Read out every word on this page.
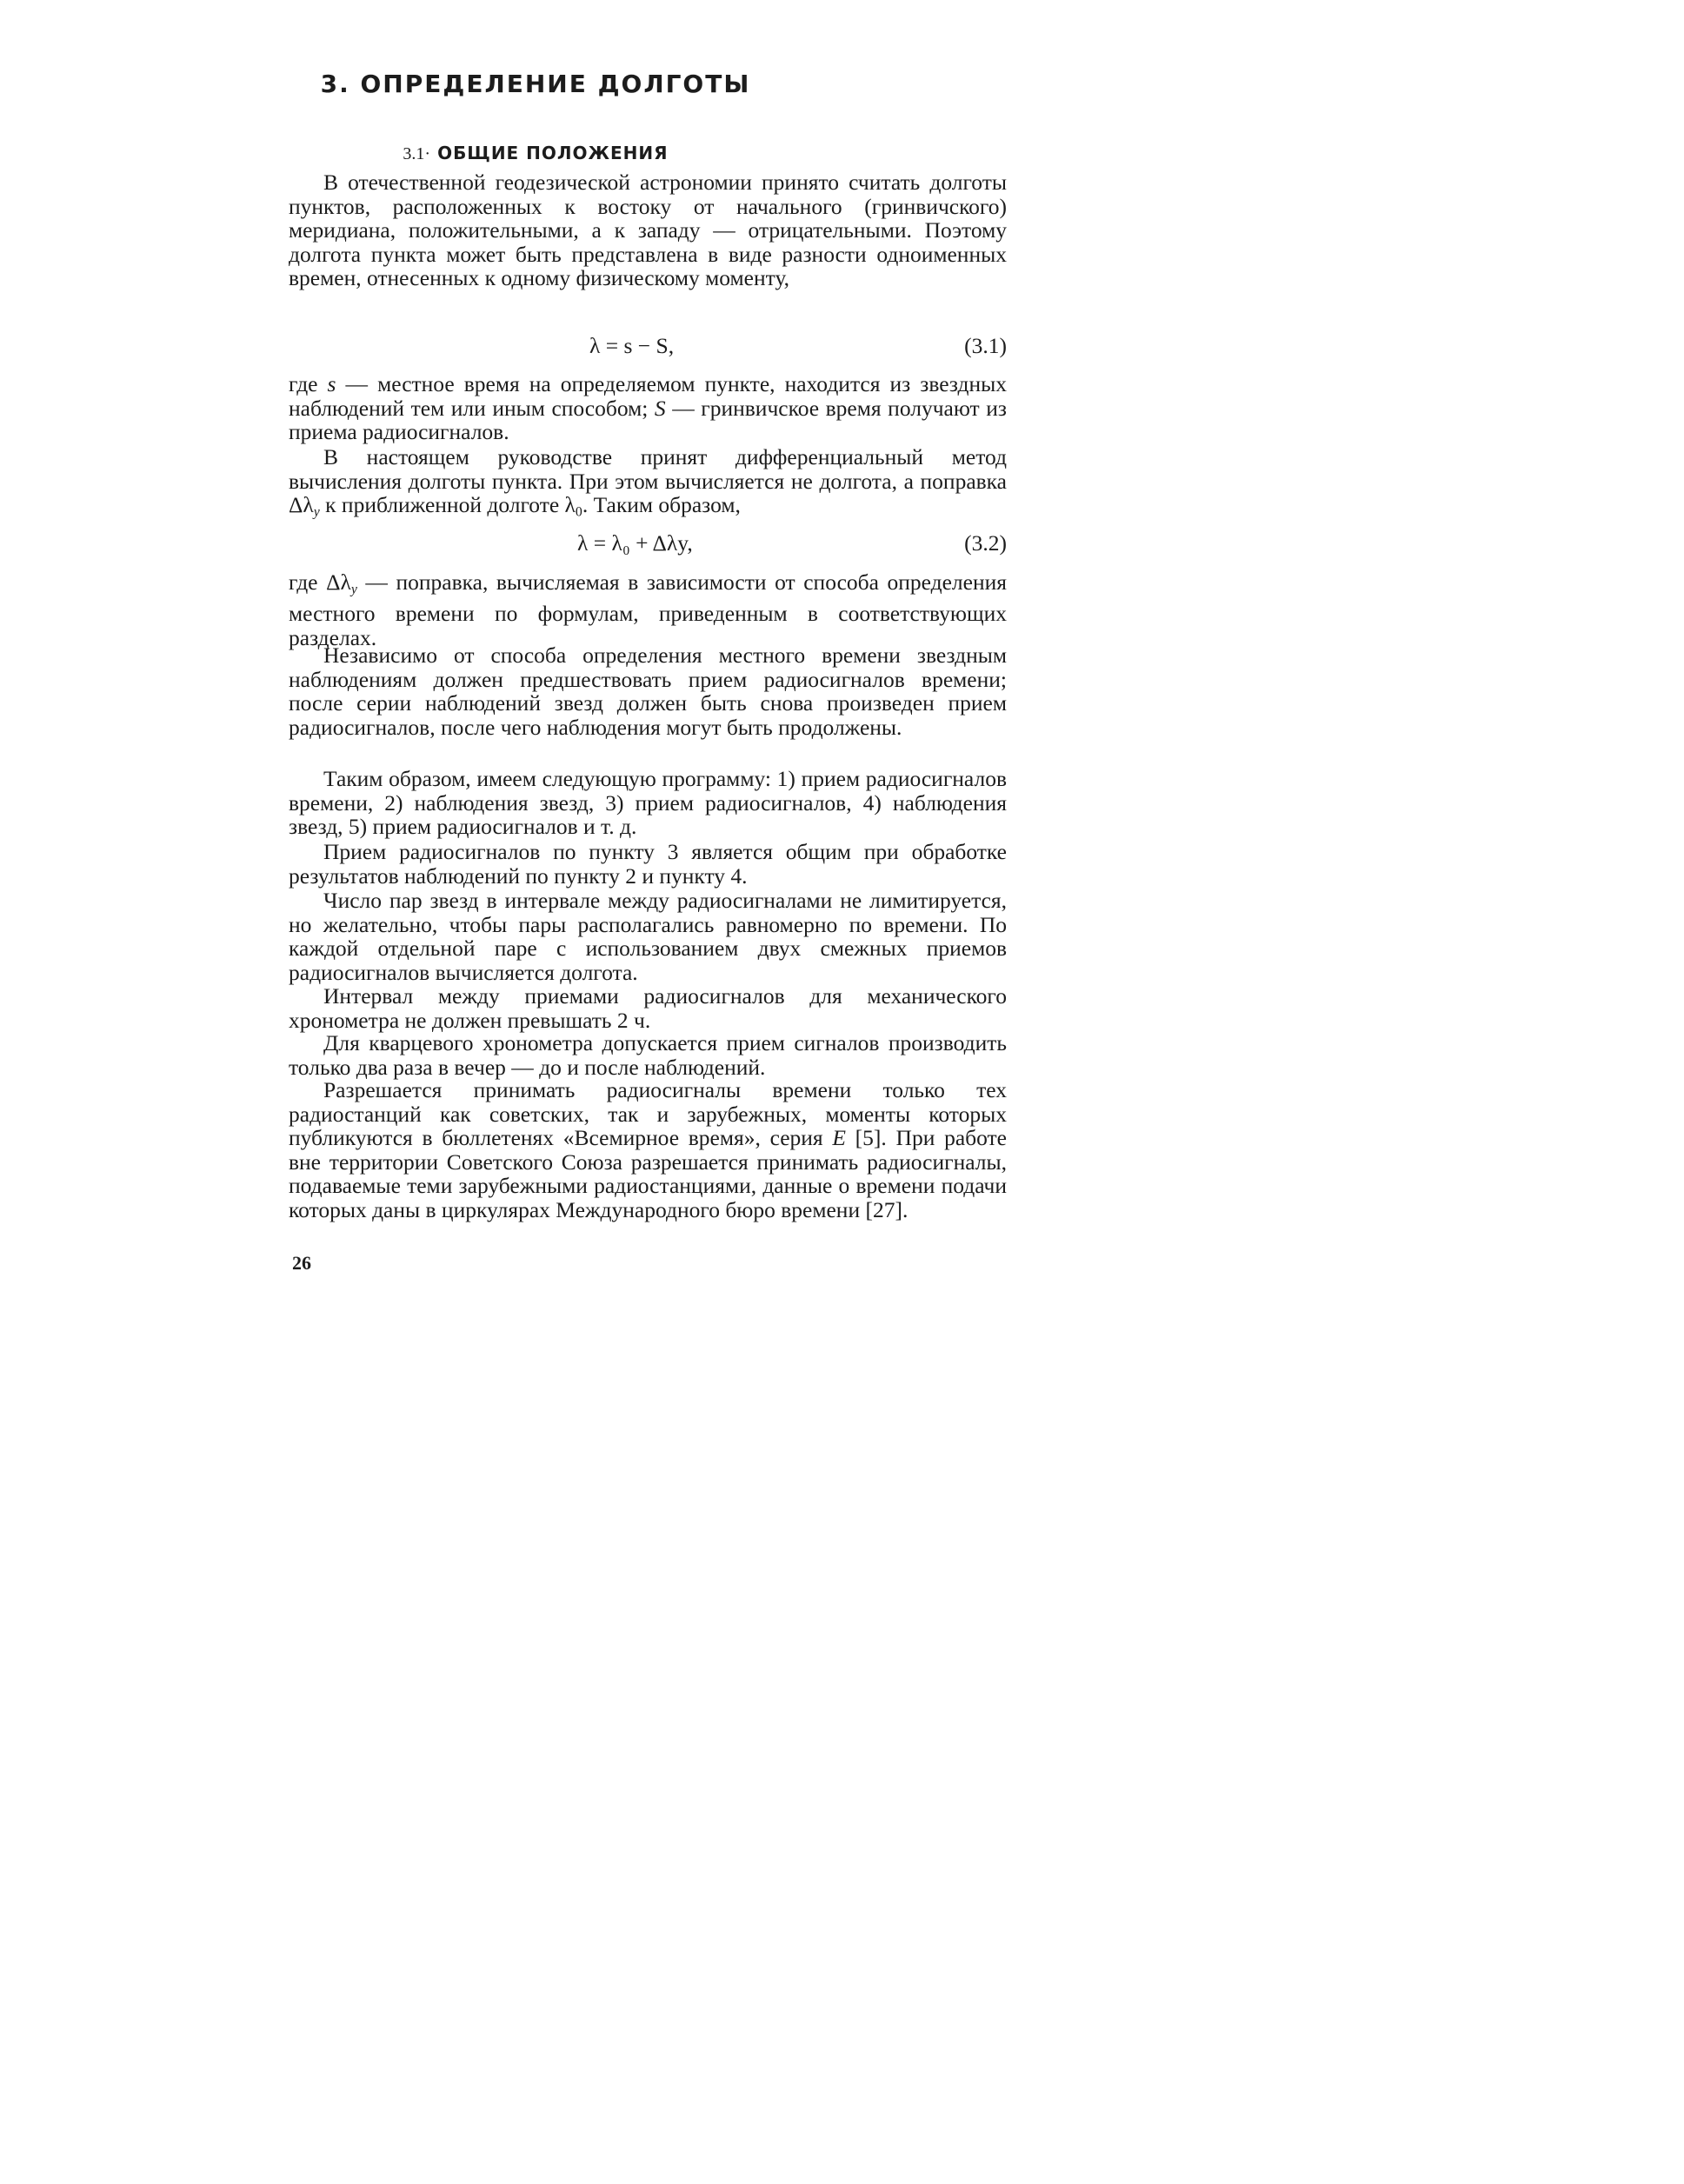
3. ОПРЕДЕЛЕНИЕ ДОЛГОТЫ
3.1· ОБЩИЕ ПОЛОЖЕНИЯ

В отечественной геодезической астрономии принято считать долготы пунктов, расположенных к востоку от начального (гринвичского) меридиана, положительными, а к западу — отрицательными. Поэтому долгота пункта может быть представлена в виде разности одноименных времен, отнесенных к одному физическому моменту,

λ = s − S,	(3.1)

где s — местное время на определяемом пункте, находится из звездных наблюдений тем или иным способом; S — гринвичское время получают из приема радиосигналов.

В настоящем руководстве принят дифференциальный метод вычисления долготы пункта. При этом вычисляется не долгота, а поправка $\Delta\lambda_y$ к приближенной долготе $\lambda_0$. Таким образом,

λ = λ₀ + Δλy,	(3.2)

где $\Delta\lambda_y$ — поправка, вычисляемая в зависимости от способа определения местного времени по формулам, приведенным в соответствующих разделах.

Независимо от способа определения местного времени звездным наблюдениям должен предшествовать прием радиосигналов времени; после серии наблюдений звезд должен быть снова произведен прием радиосигналов, после чего наблюдения могут быть продолжены.

Таким образом, имеем следующую программу: 1) прием радиосигналов времени, 2) наблюдения звезд, 3) прием радиосигналов, 4) наблюдения звезд, 5) прием радиосигналов и т. д.

Прием радиосигналов по пункту 3 является общим при обработке результатов наблюдений по пункту 2 и пункту 4.

Число пар звезд в интервале между радиосигналами не лимитируется, но желательно, чтобы пары располагались равномерно по времени. По каждой отдельной паре с использованием двух смежных приемов радиосигналов вычисляется долгота.

Интервал между приемами радиосигналов для механического хронометра не должен превышать 2 ч.

Для кварцевого хронометра допускается прием сигналов производить только два раза в вечер — до и после наблюдений.

Разрешается принимать радиосигналы времени только тех радиостанций как советских, так и зарубежных, моменты которых публикуются в бюллетенях «Всемирное время», серия E [5]. При работе вне территории Советского Союза разрешается принимать радиосигналы, подаваемые теми зарубежными радиостанциями, данные о времени подачи которых даны в циркулярах Международного бюро времени [27].

26
